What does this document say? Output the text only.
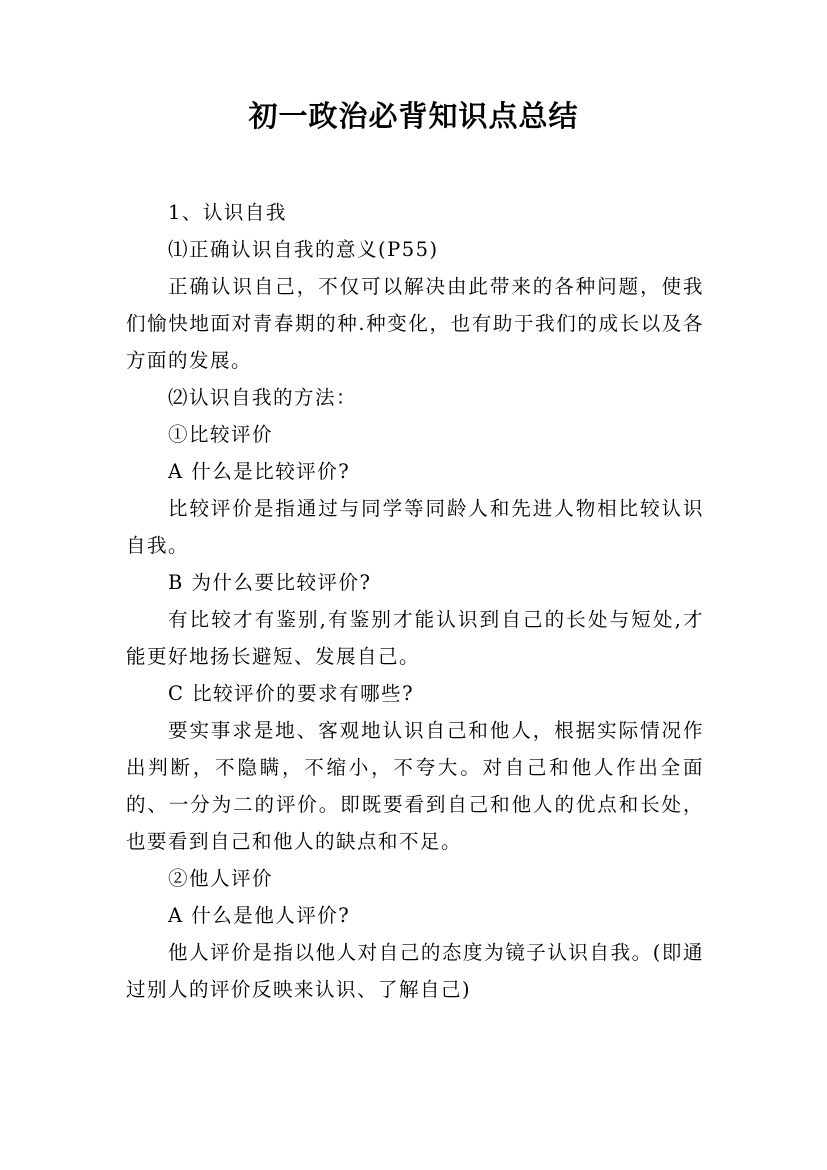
初一政治必背知识点总结

1、认识自我

⑴正确认识自我的意义(P55)

正确认识自己，不仅可以解决由此带来的各种问题，使我们愉快地面对青春期的种.种变化，也有助于我们的成长以及各方面的发展。

⑵认识自我的方法：

①比较评价

A 什么是比较评价?

比较评价是指通过与同学等同龄人和先进人物相比较认识自我。

B 为什么要比较评价?

有比较才有鉴别,有鉴别才能认识到自己的长处与短处,才能更好地扬长避短、发展自己。

C 比较评价的要求有哪些?

要实事求是地、客观地认识自己和他人，根据实际情况作出判断，不隐瞒，不缩小，不夸大。对自己和他人作出全面的、一分为二的评价。即既要看到自己和他人的优点和长处，也要看到自己和他人的缺点和不足。

②他人评价

A 什么是他人评价?

他人评价是指以他人对自己的态度为镜子认识自我。(即通过别人的评价反映来认识、了解自己)
